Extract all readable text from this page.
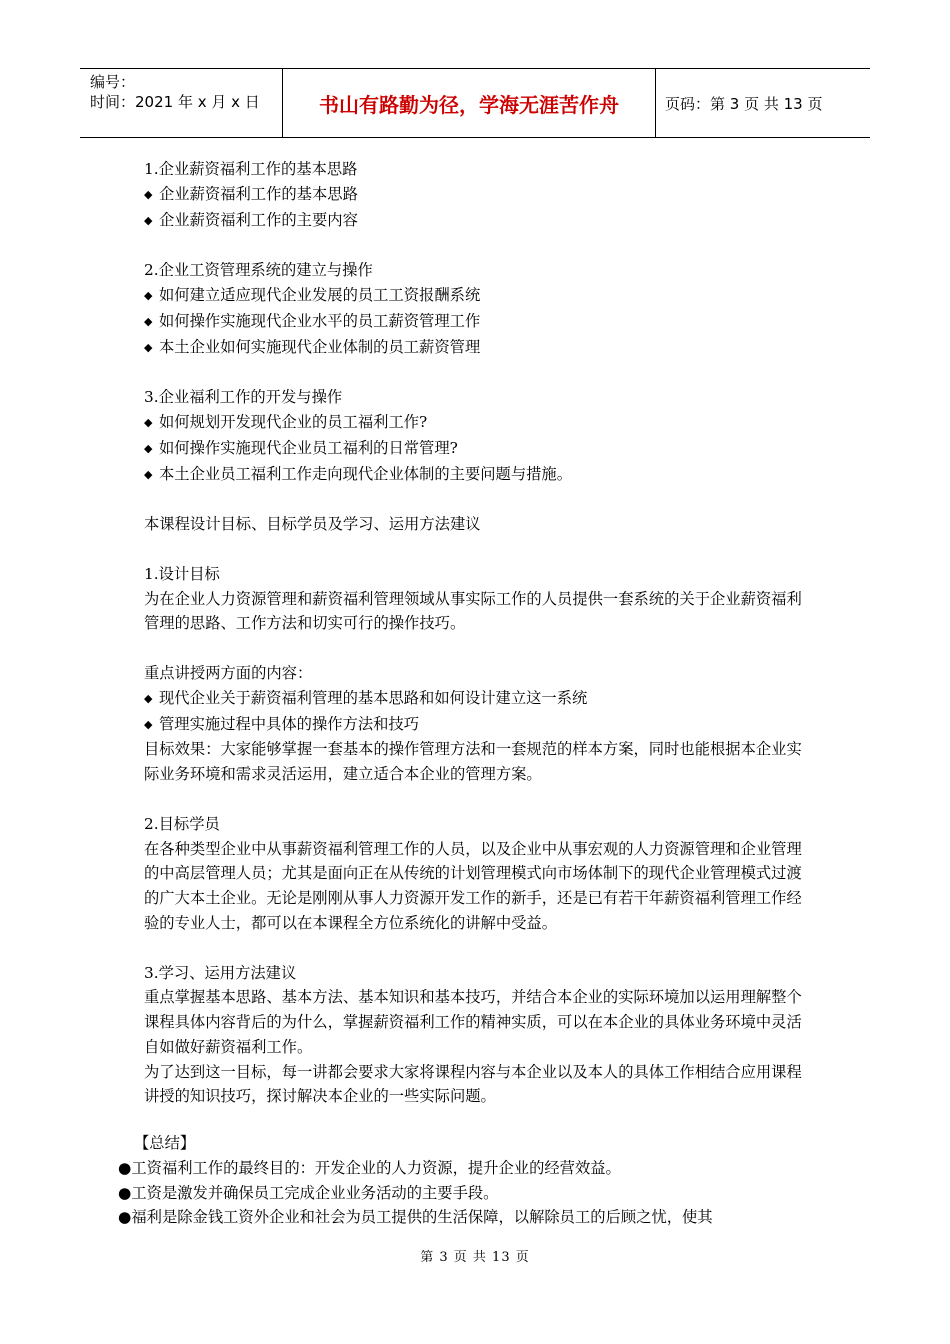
编号：
时间：2021 年 x 月 x 日	书山有路勤为径，学海无涯苦作舟	页码：第 3 页 共 13 页

1.企业薪资福利工作的基本思路

◆ 企业薪资福利工作的基本思路

◆ 企业薪资福利工作的主要内容

2.企业工资管理系统的建立与操作

◆ 如何建立适应现代企业发展的员工工资报酬系统

◆ 如何操作实施现代企业水平的员工薪资管理工作

◆ 本土企业如何实施现代企业体制的员工薪资管理

3.企业福利工作的开发与操作

◆ 如何规划开发现代企业的员工福利工作?

◆ 如何操作实施现代企业员工福利的日常管理?

◆ 本土企业员工福利工作走向现代企业体制的主要问题与措施。

本课程设计目标、目标学员及学习、运用方法建议

1.设计目标

为在企业人力资源管理和薪资福利管理领域从事实际工作的人员提供一套系统的关于企业薪资福利管理的思路、工作方法和切实可行的操作技巧。

重点讲授两方面的内容：

◆ 现代企业关于薪资福利管理的基本思路和如何设计建立这一系统

◆ 管理实施过程中具体的操作方法和技巧

目标效果：大家能够掌握一套基本的操作管理方法和一套规范的样本方案，同时也能根据本企业实际业务环境和需求灵活运用，建立适合本企业的管理方案。

2.目标学员

在各种类型企业中从事薪资福利管理工作的人员，以及企业中从事宏观的人力资源管理和企业管理的中高层管理人员；尤其是面向正在从传统的计划管理模式向市场体制下的现代企业管理模式过渡的广大本土企业。无论是刚刚从事人力资源开发工作的新手，还是已有若干年薪资福利管理工作经验的专业人士，都可以在本课程全方位系统化的讲解中受益。

3.学习、运用方法建议

重点掌握基本思路、基本方法、基本知识和基本技巧，并结合本企业的实际环境加以运用理解整个课程具体内容背后的为什么，掌握薪资福利工作的精神实质，可以在本企业的具体业务环境中灵活自如做好薪资福利工作。

为了达到这一目标，每一讲都会要求大家将课程内容与本企业以及本人的具体工作相结合应用课程讲授的知识技巧，探讨解决本企业的一些实际问题。

【总结】

●工资福利工作的最终目的：开发企业的人力资源，提升企业的经营效益。

●工资是激发并确保员工完成企业业务活动的主要手段。

●福利是除金钱工资外企业和社会为员工提供的生活保障，以解除员工的后顾之忧，使其

第 3 页 共 13 页
